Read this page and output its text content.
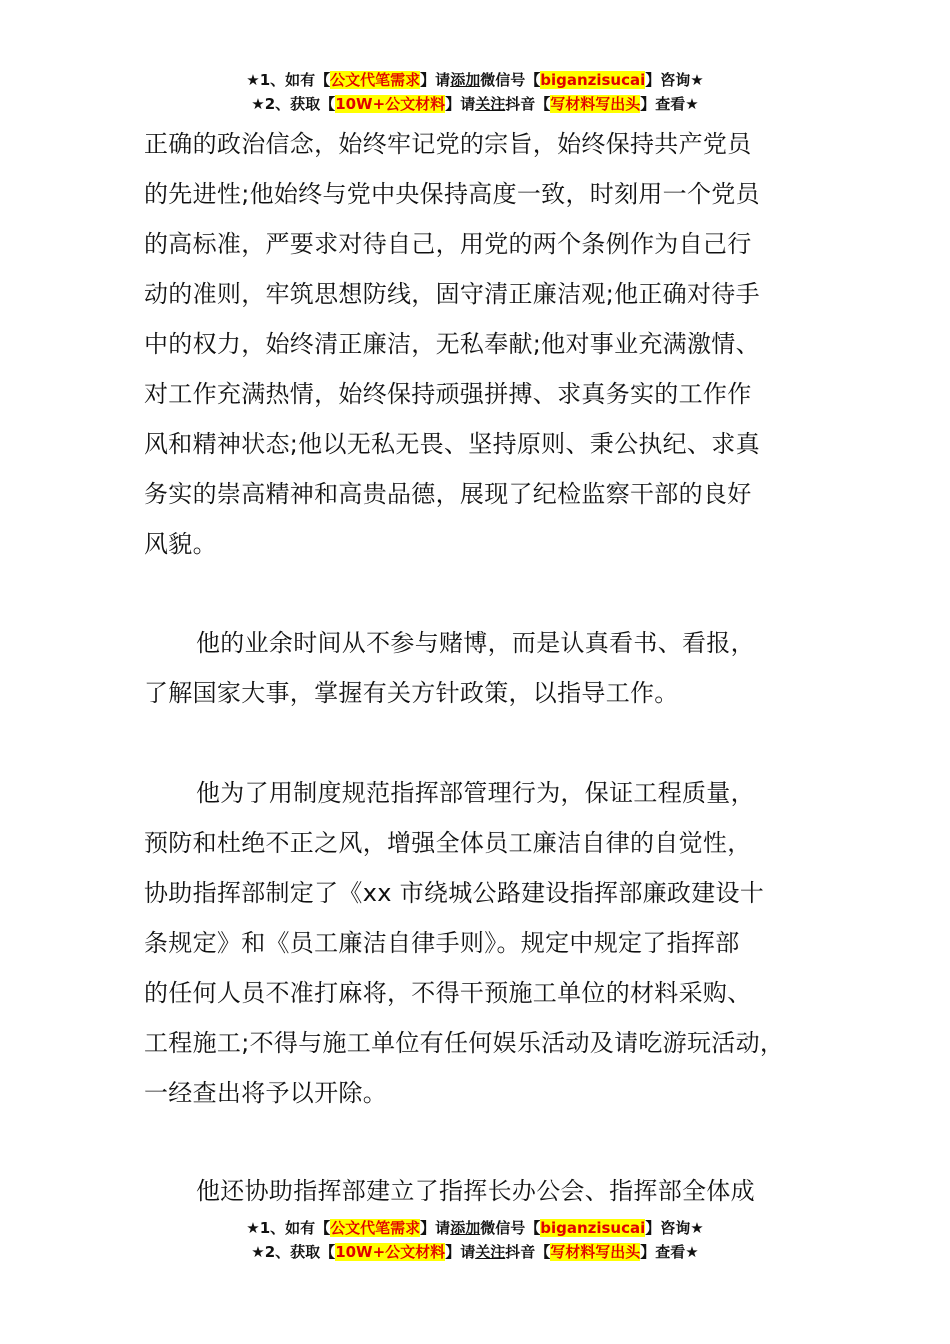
★1、如有【公文代笔需求】请添加微信号【biganzisucai】咨询★
★2、获取【10W+公文材料】请关注抖音【写材料写出头】查看★
正确的政治信念，始终牢记党的宗旨，始终保持共产党员
的先进性;他始终与党中央保持高度一致，时刻用一个党员
的高标准，严要求对待自己，用党的两个条例作为自己行
动的准则，牢筑思想防线，固守清正廉洁观;他正确对待手
中的权力，始终清正廉洁，无私奉献;他对事业充满激情、
对工作充满热情，始终保持顽强拼搏、求真务实的工作作
风和精神状态;他以无私无畏、坚持原则、秉公执纪、求真
务实的崇高精神和高贵品德，展现了纪检监察干部的良好
风貌。
他的业余时间从不参与赌博，而是认真看书、看报，
了解国家大事，掌握有关方针政策，以指导工作。
他为了用制度规范指挥部管理行为，保证工程质量，
预防和杜绝不正之风，增强全体员工廉洁自律的自觉性，
协助指挥部制定了《xx 市绕城公路建设指挥部廉政建设十
条规定》和《员工廉洁自律手则》。规定中规定了指挥部
的任何人员不准打麻将，不得干预施工单位的材料采购、
工程施工;不得与施工单位有任何娱乐活动及请吃游玩活动，
一经查出将予以开除。
他还协助指挥部建立了指挥长办公会、指挥部全体成
★1、如有【公文代笔需求】请添加微信号【biganzisucai】咨询★
★2、获取【10W+公文材料】请关注抖音【写材料写出头】查看★
